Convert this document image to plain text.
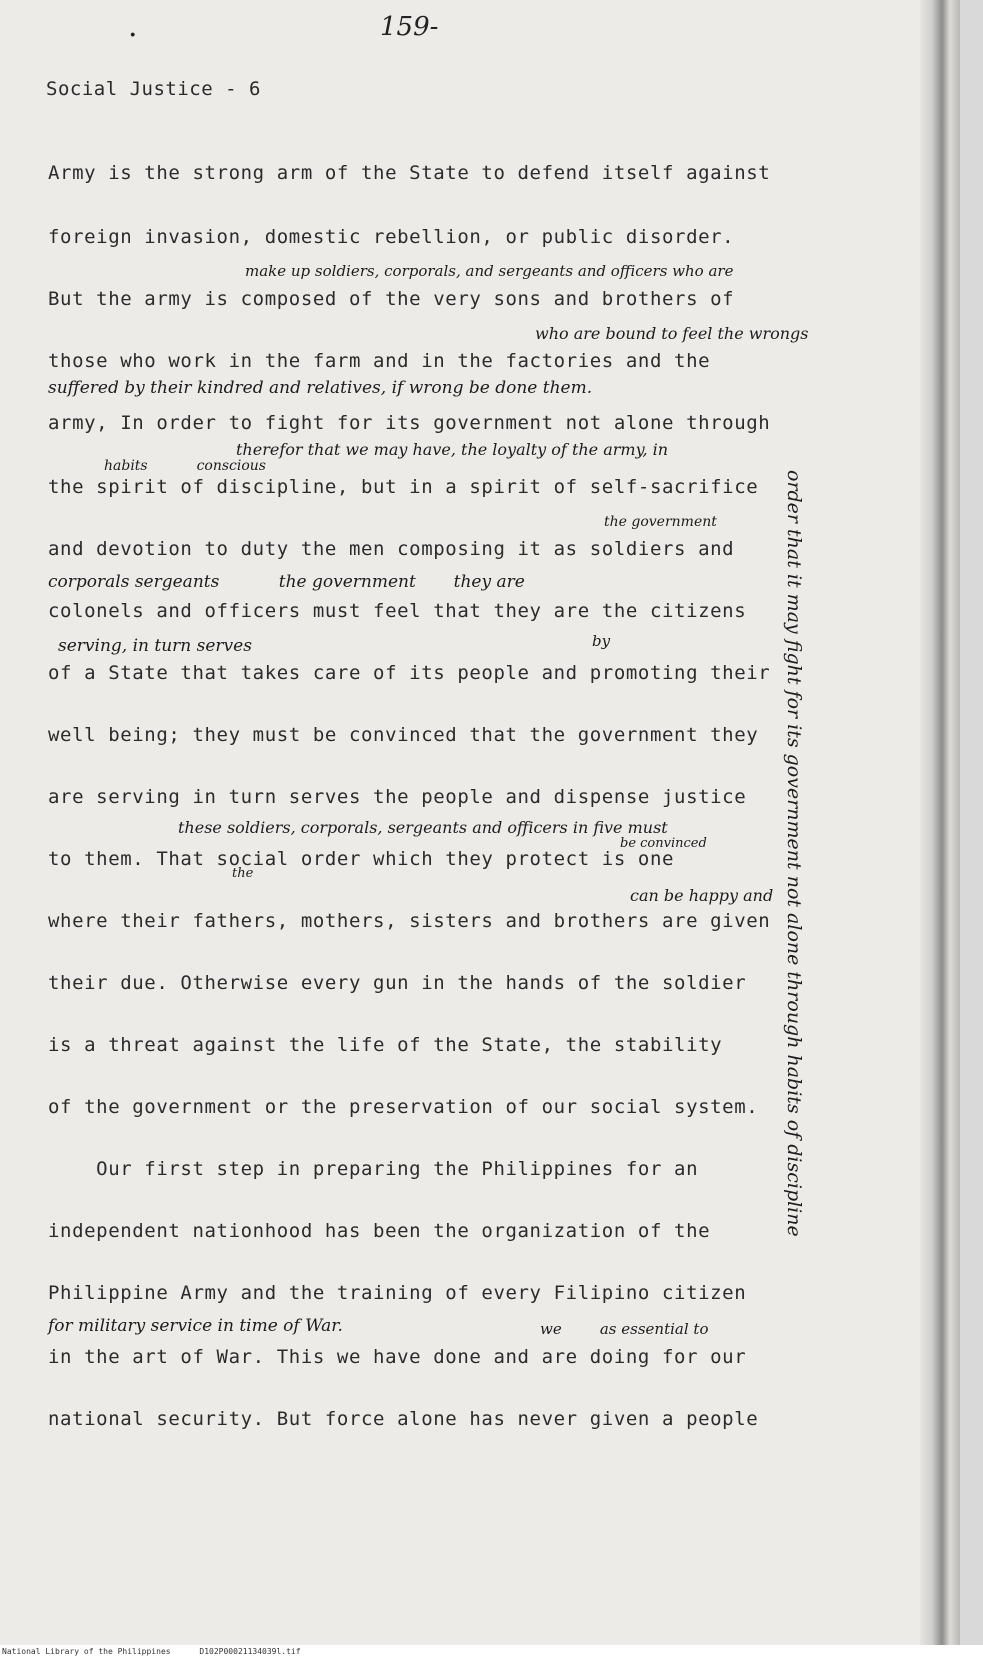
·	159-
Social Justice - 6
Army is the strong arm of the State to defend itself against
foreign invasion, domestic rebellion, or public disorder.
But the army is composed of the very sons and brothers of
those who work in the farm and in the factories and the
army, In order to fight for its government not alone through
the spirit of discipline, but in a spirit of self-sacrifice
and devotion to duty the men composing it as soldiers and
colonels and officers must feel that they are the citizens
of a State that takes care of its people and promoting their
well being; they must be convinced that the government they
are serving in turn serves the people and dispense justice
to them. That social order which they protect is one
where their fathers, mothers, sisters and brothers are given
their due. Otherwise every gun in the hands of the soldier
is a threat against the life of the State, the stability
of the government or the preservation of our social system.
Our first step in preparing the Philippines for an
independent nationhood has been the organization of the
Philippine Army and the training of every Filipino citizen
in the art of War. This we have done and are doing for our
national security. But force alone has never given a people
make up soldiers, corporals, and sergeants and officers who are
who are bound to feel the wrongs
suffered by their kindred and relatives, if wrong be done them.
therefor that we may have, the loyalty of the army, in
habits           conscious
the government
corporals sergeants           the government       they are
serving, in turn serves	by
these soldiers, corporals, sergeants and officers in five must
be convinced
the
can be happy and
for military service in time of War.	we        as essential to
order that it may fight for its government not alone through habits of discipline
National Library of the Philippines	D102P00021134039l.tif
